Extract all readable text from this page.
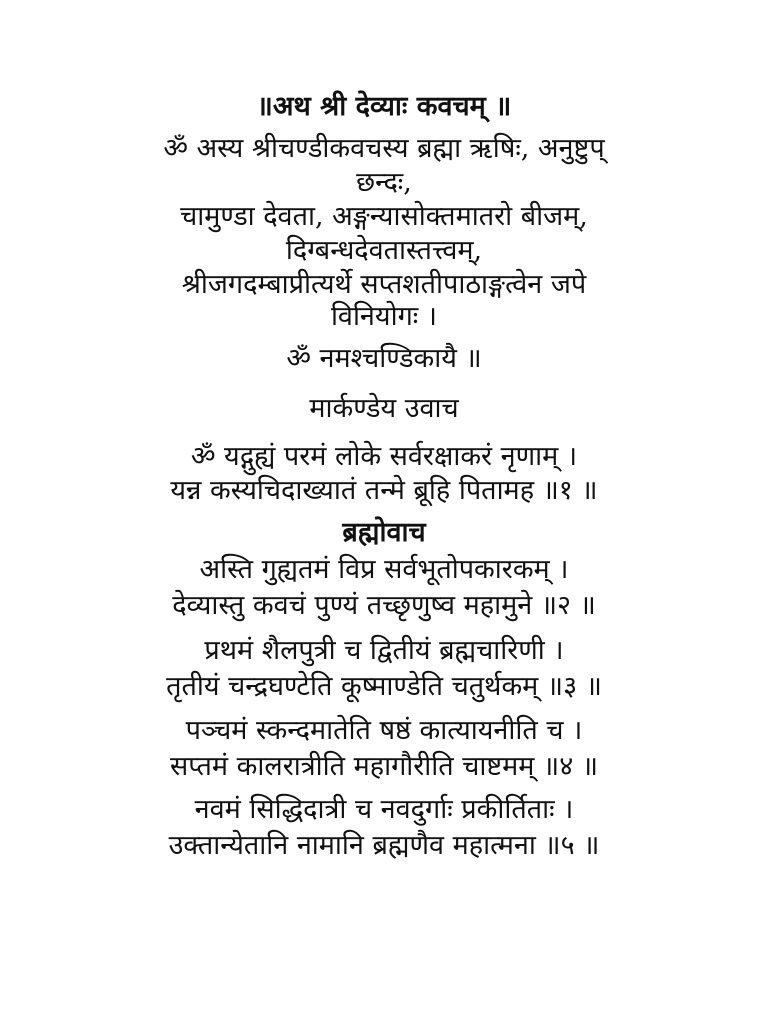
॥अथ श्री देव्याः कवचम् ॥
ॐ अस्य श्रीचण्डीकवचस्य ब्रह्मा ऋषिः, अनुष्टुप्
छन्दः,
चामुण्डा देवता, अङ्गन्यासोक्तमातरो बीजम्,
दिग्बन्धदेवतास्तत्त्वम्,
श्रीजगदम्बाप्रीत्यर्थे सप्तशतीपाठाङ्गत्वेन जपे
विनियोगः ।
ॐ नमश्चण्डिकायै ॥
मार्कण्डेय उवाच
ॐ यद्गुह्यं परमं लोके सर्वरक्षाकरं नृणाम् ।
यन्न कस्यचिदाख्यातं तन्मे ब्रूहि पितामह ॥१ ॥
ब्रह्मोवाच
अस्ति गुह्यतमं विप्र सर्वभूतोपकारकम् ।
देव्यास्तु कवचं पुण्यं तच्छृणुष्व महामुने ॥२ ॥
प्रथमं शैलपुत्री च द्वितीयं ब्रह्मचारिणी ।
तृतीयं चन्द्रघण्टेति कूष्माण्डेति चतुर्थकम् ॥३ ॥
पञ्चमं स्कन्दमातेति षष्ठं कात्यायनीति च ।
सप्तमं कालरात्रीति महागौरीति चाष्टमम् ॥४ ॥
नवमं सिद्धिदात्री च नवदुर्गाः प्रकीर्तिताः ।
उक्तान्येतानि नामानि ब्रह्मणैव महात्मना ॥५ ॥
